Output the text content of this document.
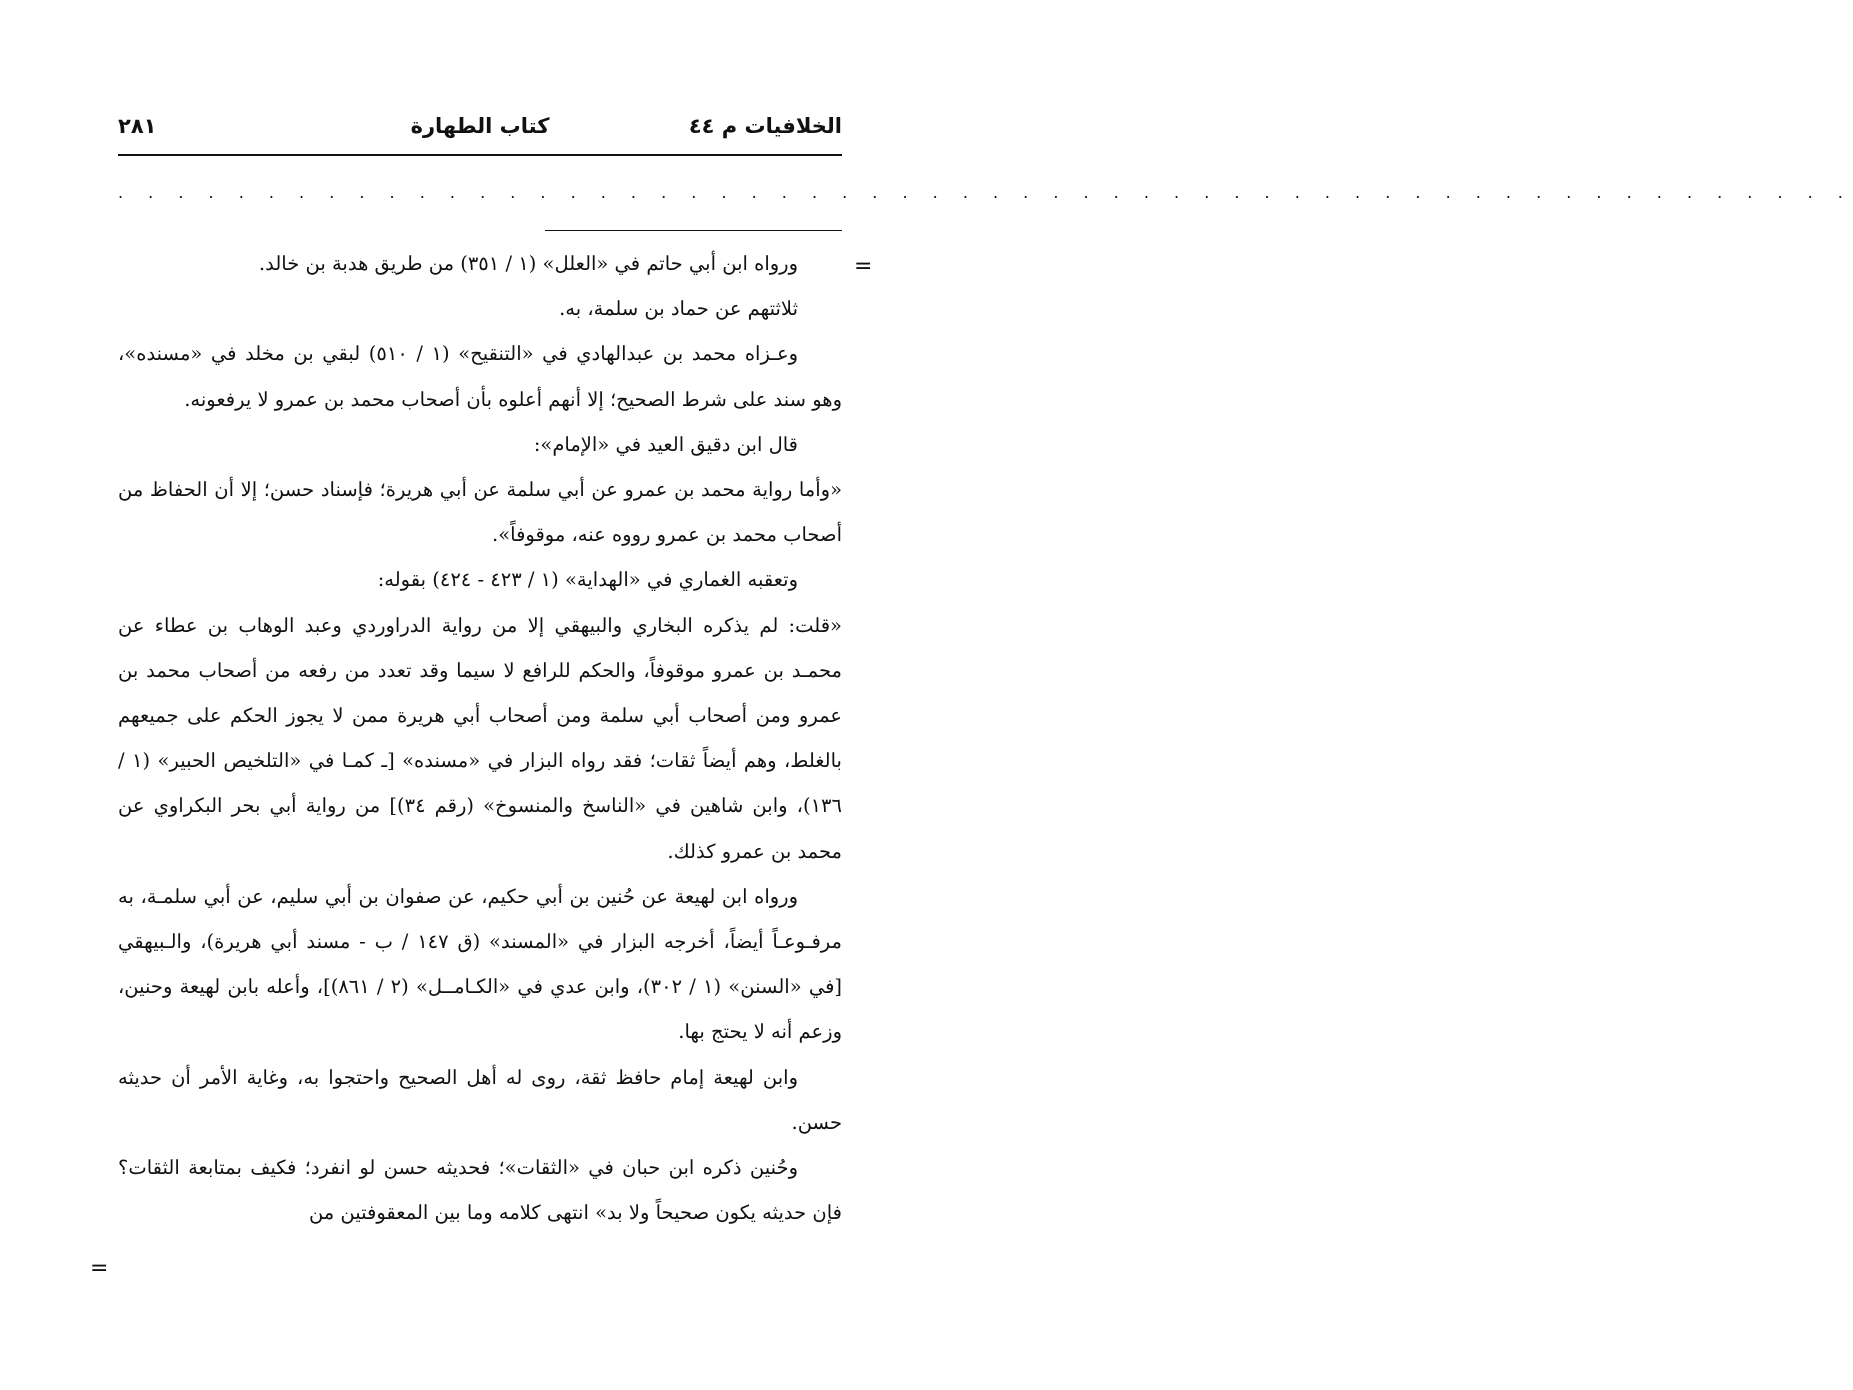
الخلافيات م ٤٤
كتاب الطهارة
٢٨١
. . . . . . . . . . . . . . . . . . . . . . . . . . . . . . . . . . . . . . . . . . . . . . . . . . . . . . . . . .
=
=

ورواه ابن أبي حاتم في «العلل» (١ / ٣٥١) من طريق هدبة بن خالد.

ثلاثتهم عن حماد بن سلمة، به.

وعـزاه محمد بن عبدالهادي في «التنقيح» (١ / ٥١٠) لبقي بن مخلد في «مسنده»، وهو سند على شرط الصحيح؛ إلا أنهم أعلوه بأن أصحاب محمد بن عمرو لا يرفعونه.

قال ابن دقيق العيد في «الإمام»:

«وأما رواية محمد بن عمرو عن أبي سلمة عن أبي هريرة؛ فإسناد حسن؛ إلا أن الحفاظ من أصحاب محمد بن عمرو رووه عنه، موقوفاً».

وتعقبه الغماري في «الهداية» (١ / ٤٢٣ - ٤٢٤) بقوله:

«قلت: لم يذكره البخاري والبيهقي إلا من رواية الدراوردي وعبد الوهاب بن عطاء عن محمـد بن عمرو موقوفاً، والحكم للرافع لا سيما وقد تعدد من رفعه من أصحاب محمد بن عمرو ومن أصحاب أبي سلمة ومن أصحاب أبي هريرة ممن لا يجوز الحكم على جميعهم بالغلط، وهم أيضاً ثقات؛ فقد رواه البزار في «مسنده» [ـ كمـا في «التلخيص الحبير» (١ / ١٣٦)، وابن شاهين في «الناسخ والمنسوخ» (رقم ٣٤)] من رواية أبي بحر البكراوي عن محمد بن عمرو كذلك.

ورواه ابن لهيعة عن حُنين بن أبي حكيم، عن صفوان بن أبي سليم، عن أبي سلمـة، به مرفـوعـاً أيضاً، أخرجه البزار في «المسند» (ق ١٤٧ / ب - مسند أبي هريرة)، والـبيهقي [في «السنن» (١ / ٣٠٢)، وابن عدي في «الكـامــل» (٢ / ٨٦١)]، وأعله بابن لهيعة وحنين، وزعم أنه لا يحتج بها.

وابن لهيعة إمام حافظ ثقة، روى له أهل الصحيح واحتجوا به، وغاية الأمر أن حديثه حسن.

وحُنين ذكره ابن حبان في «الثقات»؛ فحديثه حسن لو انفرد؛ فكيف بمتابعة الثقات؟ فإن حديثه يكون صحيحاً ولا بد» انتهى كلامه وما بين المعقوفتين من
